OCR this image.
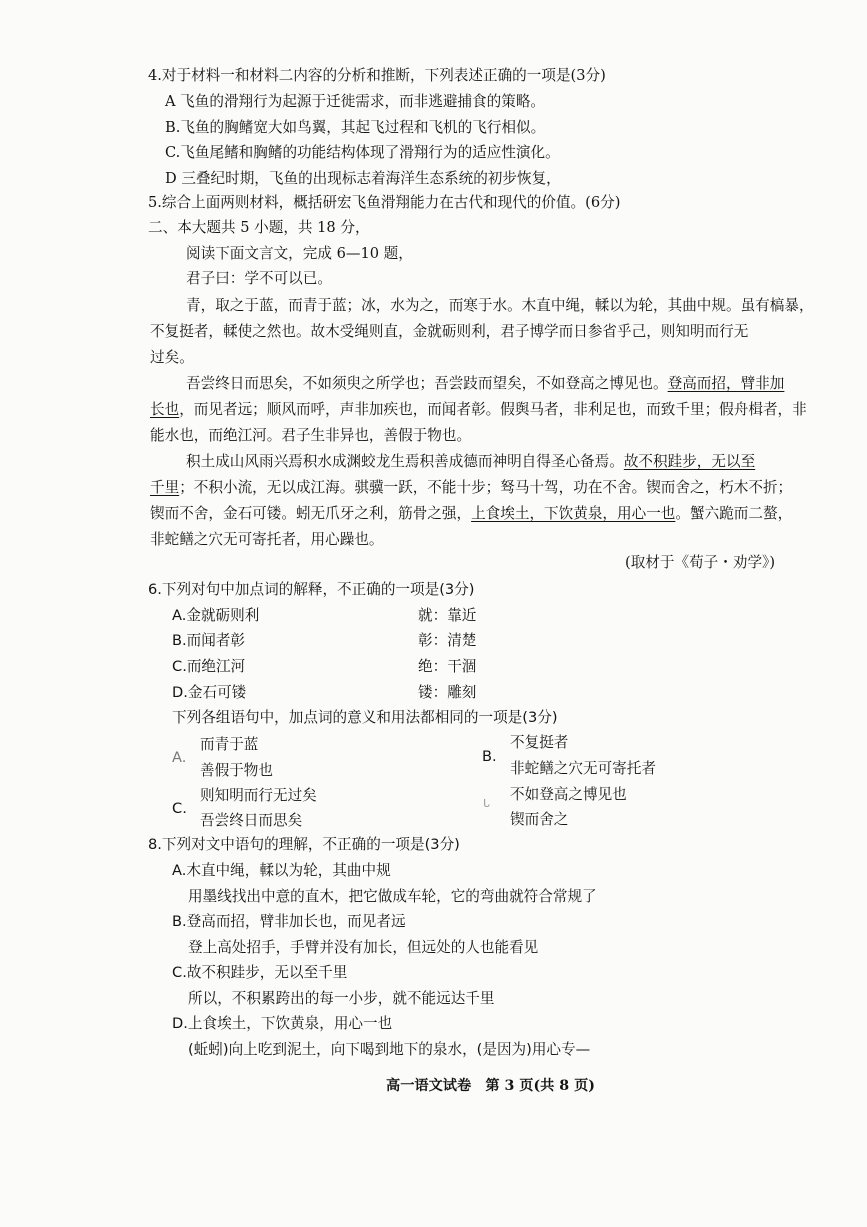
4.对于材料一和材料二内容的分析和推断，下列表述正确的一项是(3分)
A 飞鱼的滑翔行为起源于迁徙需求，而非逃避捕食的策略。
B.飞鱼的胸鳍宽大如鸟翼，其起飞过程和飞机的飞行相似。
C.飞鱼尾鳍和胸鳍的功能结构体现了滑翔行为的适应性演化。
D 三叠纪时期，飞鱼的出现标志着海洋生态系统的初步恢复，
5.综合上面两则材料，概括研宏飞鱼滑翔能力在古代和现代的价值。(6分)
二、本大题共 5 小题，共 18 分，
阅读下面文言文，完成 6—10 题，
君子曰：学不可以已。
青，取之于蓝，而青于蓝；冰，水为之，而寒于水。木直中绳，輮以为轮，其曲中规。虽有槁暴，
不复挺者，輮使之然也。故木受绳则直，金就砺则利，君子博学而日参省乎己，则知明而行无
过矣。
吾尝终日而思矣，不如须臾之所学也；吾尝跂而望矣，不如登高之博见也。登高而招，臂非加
长也，而见者远；顺风而呼，声非加疾也，而闻者彰。假舆马者，非利足也，而致千里；假舟楫者，非
能水也，而绝江河。君子生非异也，善假于物也。
积土成山风雨兴焉积水成渊蛟龙生焉积善成德而神明自得圣心备焉。故不积跬步，无以至
千里；不积小流，无以成江海。骐骥一跃，不能十步；驽马十驾，功在不舍。锲而舍之，朽木不折；
锲而不舍，金石可镂。蚓无爪牙之利，筋骨之强，上食埃土，下饮黄泉，用心一也。蟹六跪而二螯，
非蛇鳝之穴无可寄托者，用心躁也。
(取材于《荀子・劝学》)
6.下列对句中加点词的解释，不正确的一项是(3分)
A.金就砺则利	就：靠近
B.而闻者彰	彰：清楚
C.而绝江河	绝：干涸
D.金石可镂	镂：雕刻
下列各组语句中，加点词的意义和用法都相同的一项是(3分)
A.
而青于蓝
善假于物也
B.
不复挺者
非蛇鳝之穴无可寄托者
C.
则知明而行无过矣
吾尝终日而思矣
ᒐ
不如登高之博见也
锲而舍之
8.下列对文中语句的理解，不正确的一项是(3分)
A.木直中绳，輮以为轮，其曲中规
用墨线找出中意的直木，把它做成车轮，它的弯曲就符合常规了
B.登高而招，臂非加长也，而见者远
登上高处招手，手臂并没有加长，但远处的人也能看见
C.故不积跬步，无以至千里
所以，不积累跨出的每一小步，就不能远达千里
D.上食埃土，下饮黄泉，用心一也
(蚯蚓)向上吃到泥土，向下喝到地下的泉水，(是因为)用心专—
高一语文试卷　第 3 页(共 8 页)
